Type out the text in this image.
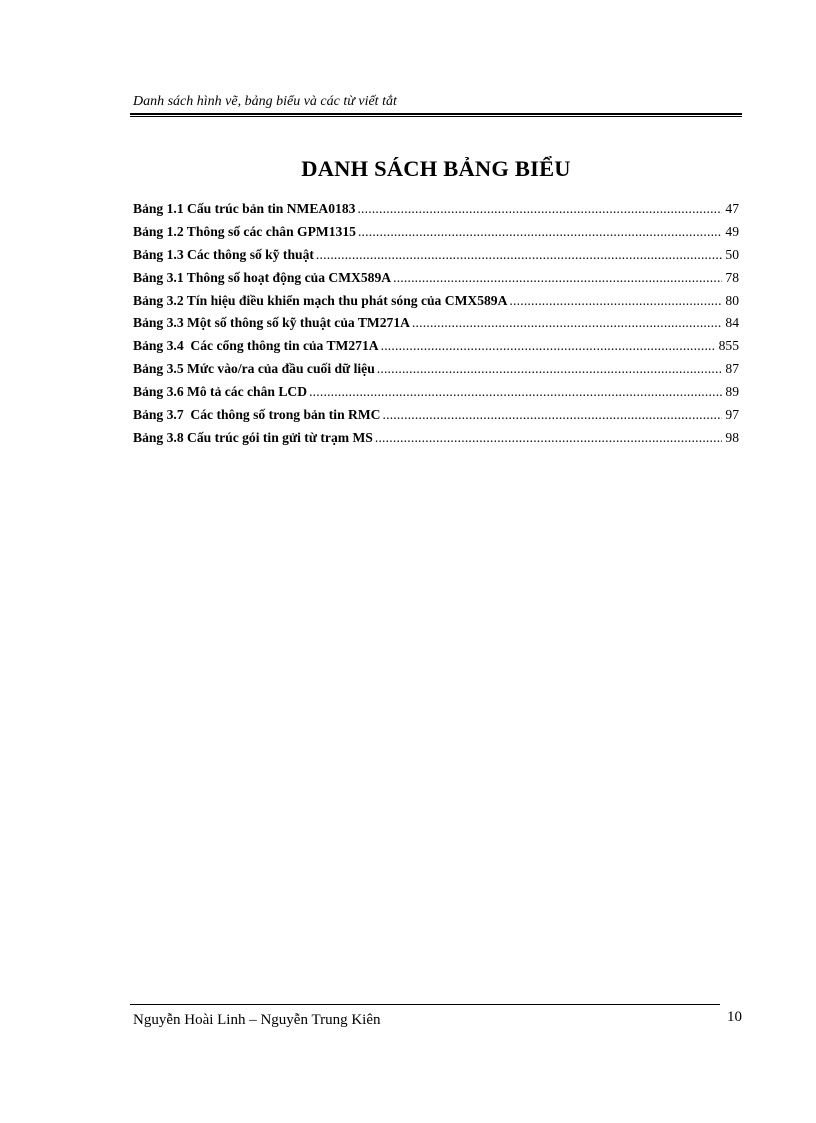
Danh sách hình vẽ, bảng biểu và các từ viết tắt
DANH SÁCH BẢNG BIỂU
Bảng 1.1 Cấu trúc bản tin NMEA0183 .....	47
Bảng 1.2 Thông số các chân GPM1315 .....	49
Bảng 1.3 Các thông số kỹ thuật .....	50
Bảng 3.1 Thông số hoạt động của CMX589A .....	78
Bảng 3.2 Tín hiệu điều khiển mạch thu phát sóng của CMX589A .....	80
Bảng 3.3 Một số thông số kỹ thuật của TM271A .....	84
Bảng 3.4  Các cổng thông tin của TM271A .....	855
Bảng 3.5 Mức vào/ra của đầu cuối dữ liệu .....	87
Bảng 3.6 Mô tả các chân LCD .....	89
Bảng 3.7  Các thông số trong bản tin RMC .....	97
Bảng 3.8 Cấu trúc gói tin gửi từ trạm MS .....	98
Nguyễn Hoài Linh – Nguyễn Trung Kiên	10
